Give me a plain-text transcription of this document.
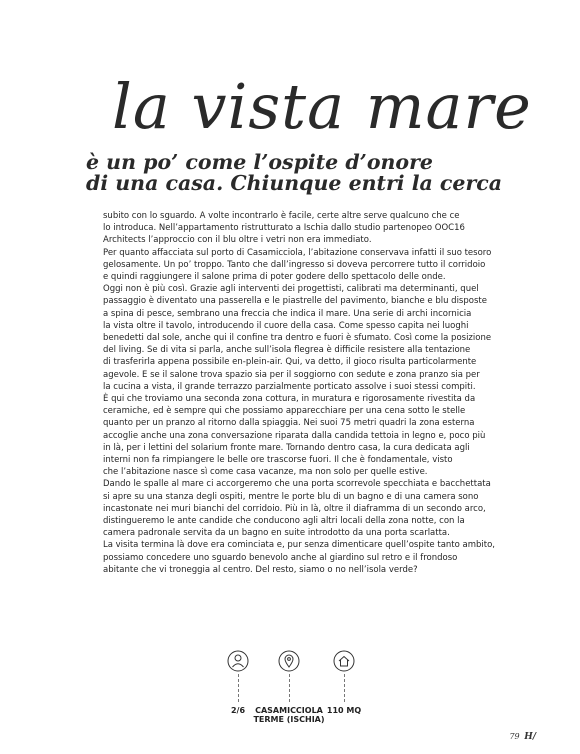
la vista mare
è un po’ come l’ospite d’onore
di una casa. Chiunque entri la cerca
subito con lo sguardo. A volte incontrarlo è facile, certe altre serve qualcuno che ce
lo introduca. Nell’appartamento ristrutturato a Ischia dallo studio partenopeo OOC16
Architects l’approccio con il blu oltre i vetri non era immediato.
Per quanto affacciata sul porto di Casamicciola, l’abitazione conservava infatti il suo tesoro
gelosamente. Un po’ troppo. Tanto che dall’ingresso si doveva percorrere tutto il corridoio
e quindi raggiungere il salone prima di poter godere dello spettacolo delle onde.
Oggi non è più così. Grazie agli interventi dei progettisti, calibrati ma determinanti, quel
passaggio è diventato una passerella e le piastrelle del pavimento, bianche e blu disposte
a spina di pesce, sembrano una freccia che indica il mare. Una serie di archi incornicia
la vista oltre il tavolo, introducendo il cuore della casa. Come spesso capita nei luoghi
benedetti dal sole, anche qui il confine tra dentro e fuori è sfumato. Così come la posizione
del living. Se di vita si parla, anche sull’isola flegrea è difficile resistere alla tentazione
di trasferirla appena possibile en-plein-air. Qui, va detto, il gioco risulta particolarmente
agevole. E se il salone trova spazio sia per il soggiorno con sedute e zona pranzo sia per
la cucina a vista, il grande terrazzo parzialmente porticato assolve i suoi stessi compiti.
È qui che troviamo una seconda zona cottura, in muratura e rigorosamente rivestita da
ceramiche, ed è sempre qui che possiamo apparecchiare per una cena sotto le stelle
quanto per un pranzo al ritorno dalla spiaggia. Nei suoi 75 metri quadri la zona esterna
accoglie anche una zona conversazione riparata dalla candida tettoia in legno e, poco più
in là, per i lettini del solarium fronte mare. Tornando dentro casa, la cura dedicata agli
interni non fa rimpiangere le belle ore trascorse fuori. Il che è fondamentale, visto
che l’abitazione nasce sì come casa vacanze, ma non solo per quelle estive.
Dando le spalle al mare ci accorgeremo che una porta scorrevole specchiata e bacchettata
si apre su una stanza degli ospiti, mentre le porte blu di un bagno e di una camera sono
incastonate nei muri bianchi del corridoio. Più in là, oltre il diaframma di un secondo arco,
distingueremo le ante candide che conducono agli altri locali della zona notte, con la
camera padronale servita da un bagno en suite introdotto da una porta scarlatta.
La visita termina là dove era cominciata e, pur senza dimenticare quell’ospite tanto ambito,
possiamo concedere uno sguardo benevolo anche al giardino sul retro e il frondoso
abitante che vi troneggia al centro. Del resto, siamo o no nell’isola verde?
2/6	CASAMICCIOLA
TERME (ISCHIA)
110 MQ
79 H/
